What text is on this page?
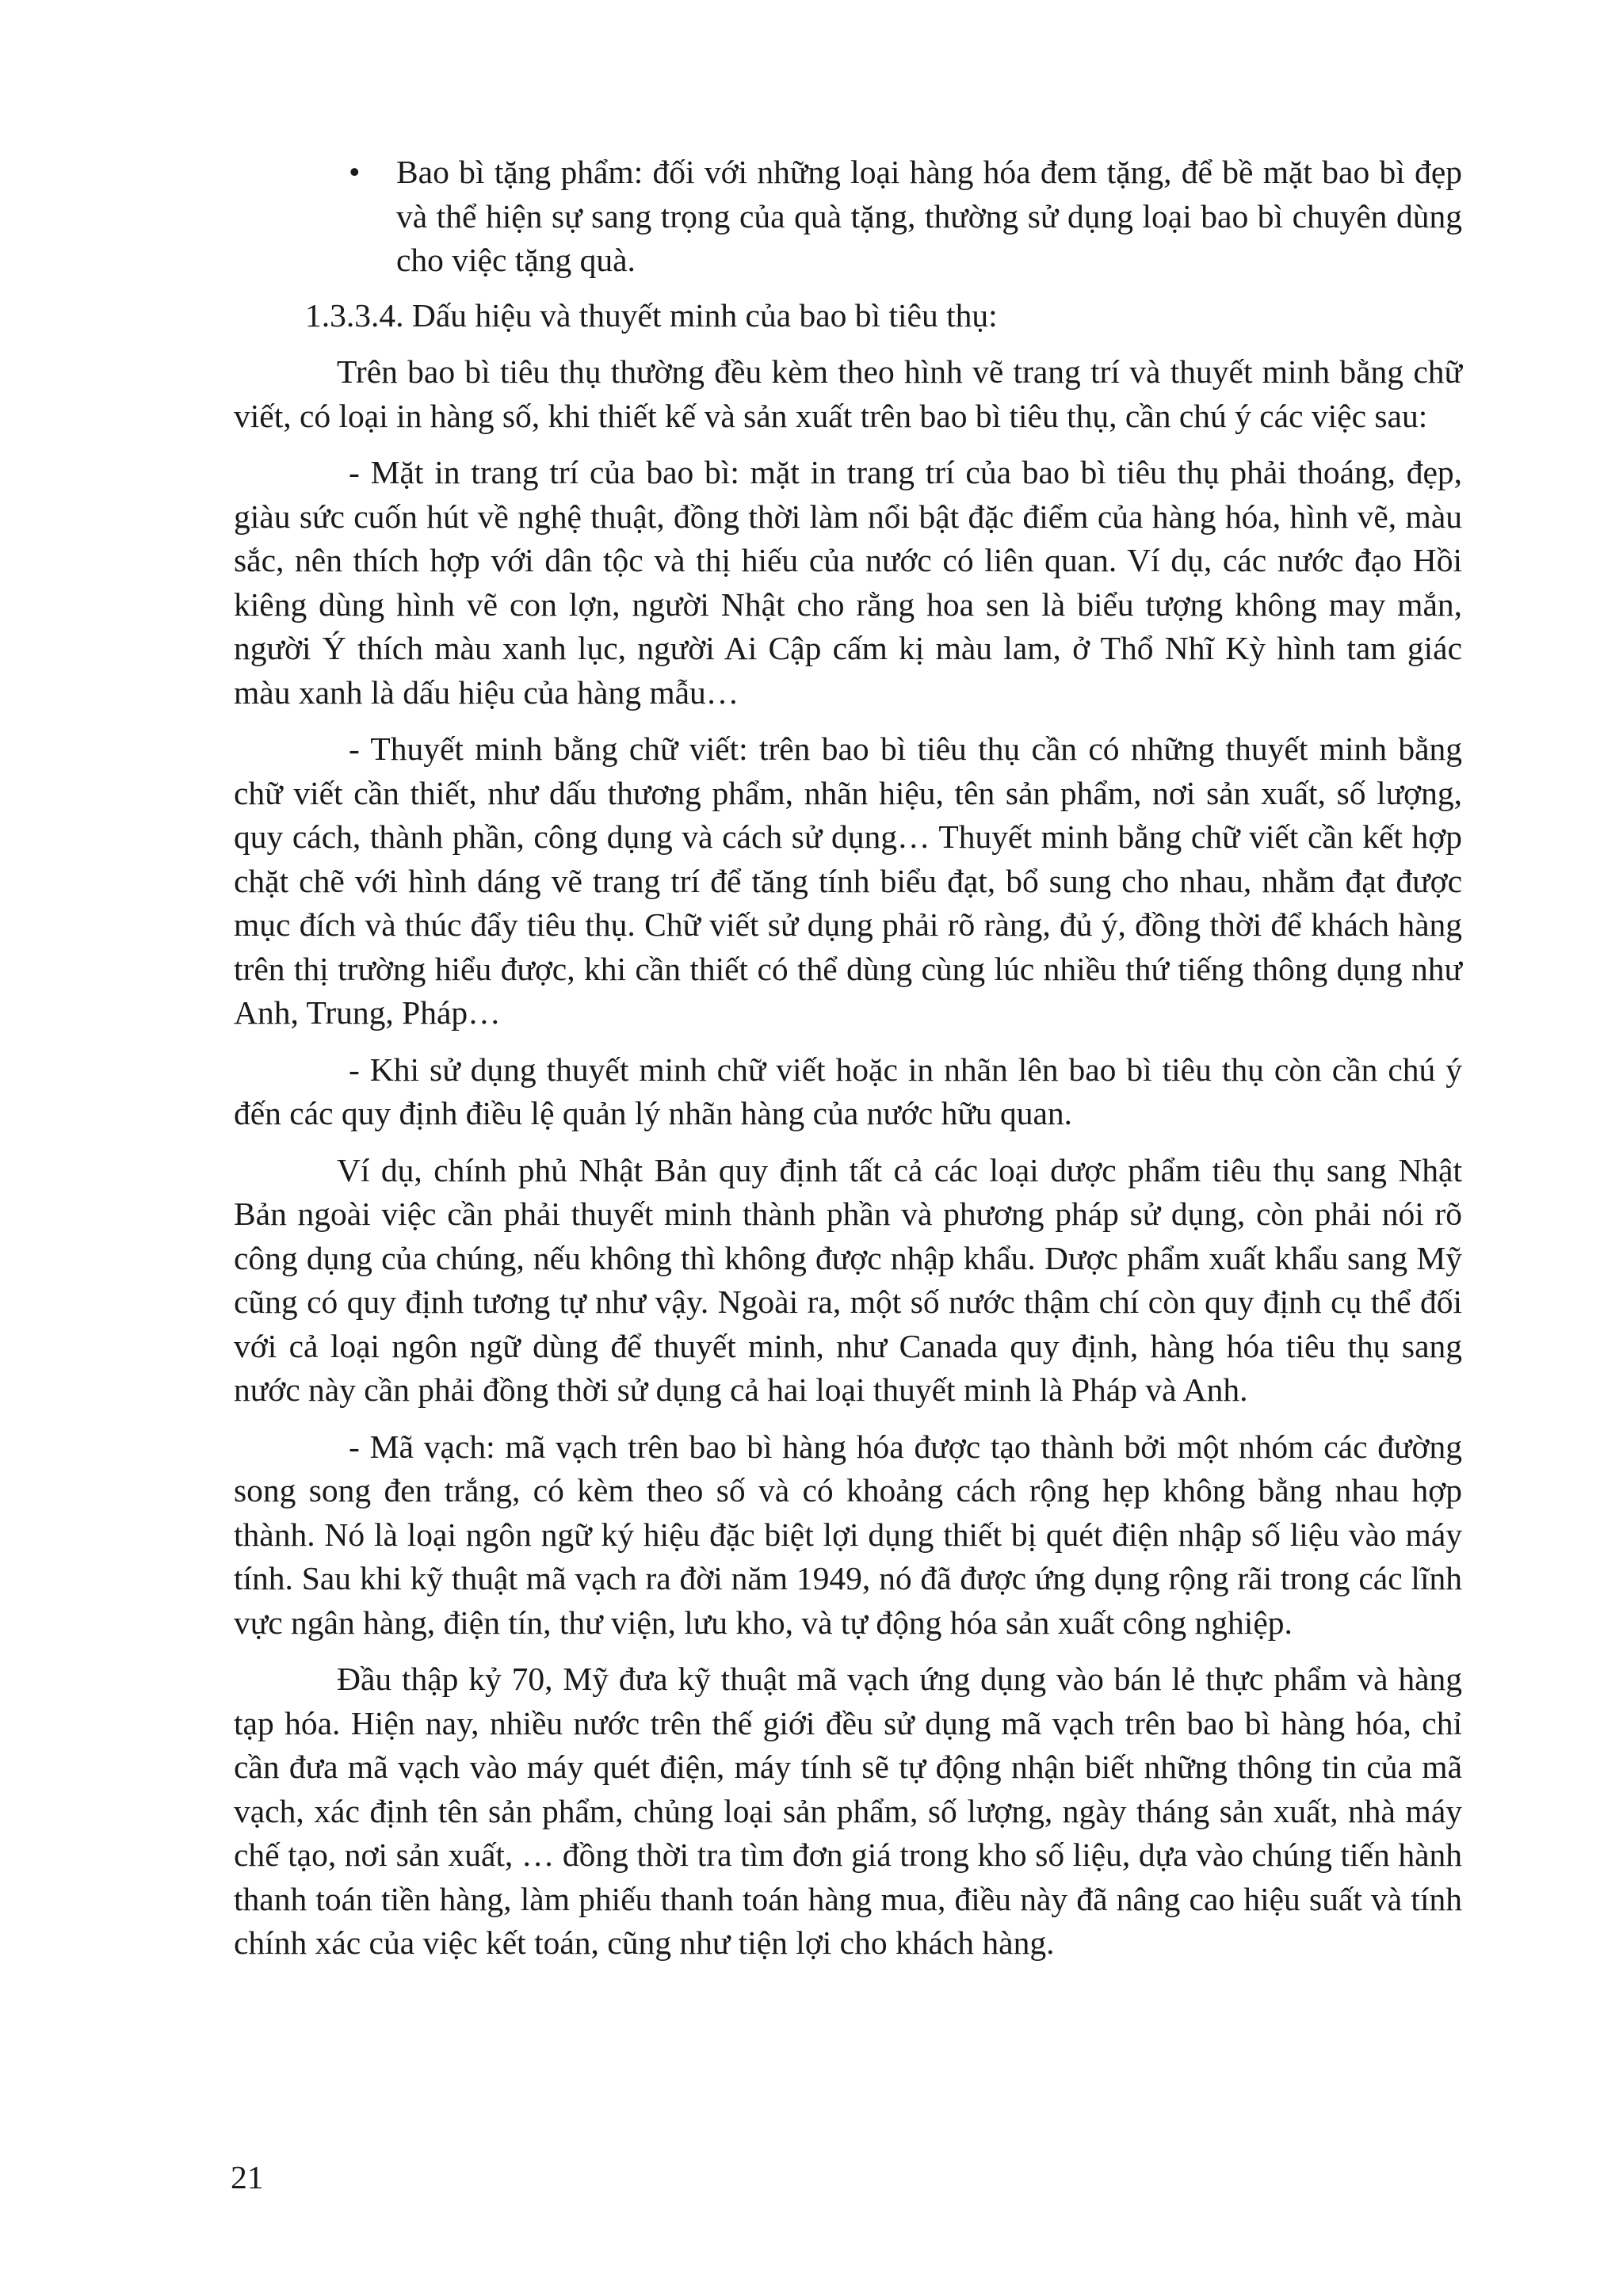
• Bao bì tặng phẩm: đối với những loại hàng hóa đem tặng, để bề mặt bao bì đẹp và thể hiện sự sang trọng của quà tặng, thường sử dụng loại bao bì chuyên dùng cho việc tặng quà.

1.3.3.4. Dấu hiệu và thuyết minh của bao bì tiêu thụ:

Trên bao bì tiêu thụ thường đều kèm theo hình vẽ trang trí và thuyết minh bằng chữ viết, có loại in hàng số, khi thiết kế và sản xuất trên bao bì tiêu thụ, cần chú ý các việc sau:

- Mặt in trang trí của bao bì: mặt in trang trí của bao bì tiêu thụ phải thoáng, đẹp, giàu sức cuốn hút về nghệ thuật, đồng thời làm nổi bật đặc điểm của hàng hóa, hình vẽ, màu sắc, nên thích hợp với dân tộc và thị hiếu của nước có liên quan. Ví dụ, các nước đạo Hồi kiêng dùng hình vẽ con lợn, người Nhật cho rằng hoa sen là biểu tượng không may mắn, người Ý thích màu xanh lục, người Ai Cập cấm kị màu lam, ở Thổ Nhĩ Kỳ hình tam giác màu xanh là dấu hiệu của hàng mẫu…

- Thuyết minh bằng chữ viết: trên bao bì tiêu thụ cần có những thuyết minh bằng chữ viết cần thiết, như dấu thương phẩm, nhãn hiệu, tên sản phẩm, nơi sản xuất, số lượng, quy cách, thành phần, công dụng và cách sử dụng… Thuyết minh bằng chữ viết cần kết hợp chặt chẽ với hình dáng vẽ trang trí để tăng tính biểu đạt, bổ sung cho nhau, nhằm đạt được mục đích và thúc đẩy tiêu thụ. Chữ viết sử dụng phải rõ ràng, đủ ý, đồng thời để khách hàng trên thị trường hiểu được, khi cần thiết có thể dùng cùng lúc nhiều thứ tiếng thông dụng như Anh, Trung, Pháp…

- Khi sử dụng thuyết minh chữ viết hoặc in nhãn lên bao bì tiêu thụ còn cần chú ý đến các quy định điều lệ quản lý nhãn hàng của nước hữu quan.

Ví dụ, chính phủ Nhật Bản quy định tất cả các loại dược phẩm tiêu thụ sang Nhật Bản ngoài việc cần phải thuyết minh thành phần và phương pháp sử dụng, còn phải nói rõ công dụng của chúng, nếu không thì không được nhập khẩu. Dược phẩm xuất khẩu sang Mỹ cũng có quy định tương tự như vậy. Ngoài ra, một số nước thậm chí còn quy định cụ thể đối với cả loại ngôn ngữ dùng để thuyết minh, như Canada quy định, hàng hóa tiêu thụ sang nước này cần phải đồng thời sử dụng cả hai loại thuyết minh là Pháp và Anh.

- Mã vạch: mã vạch trên bao bì hàng hóa được tạo thành bởi một nhóm các đường song song đen trắng, có kèm theo số và có khoảng cách rộng hẹp không bằng nhau hợp thành. Nó là loại ngôn ngữ ký hiệu đặc biệt lợi dụng thiết bị quét điện nhập số liệu vào máy tính. Sau khi kỹ thuật mã vạch ra đời năm 1949, nó đã được ứng dụng rộng rãi trong các lĩnh vực ngân hàng, điện tín, thư viện, lưu kho, và tự động hóa sản xuất công nghiệp.

Đầu thập kỷ 70, Mỹ đưa kỹ thuật mã vạch ứng dụng vào bán lẻ thực phẩm và hàng tạp hóa. Hiện nay, nhiều nước trên thế giới đều sử dụng mã vạch trên bao bì hàng hóa, chỉ cần đưa mã vạch vào máy quét điện, máy tính sẽ tự động nhận biết những thông tin của mã vạch, xác định tên sản phẩm, chủng loại sản phẩm, số lượng, ngày tháng sản xuất, nhà máy chế tạo, nơi sản xuất, … đồng thời tra tìm đơn giá trong kho số liệu, dựa vào chúng tiến hành thanh toán tiền hàng, làm phiếu thanh toán hàng mua, điều này đã nâng cao hiệu suất và tính chính xác của việc kết toán, cũng như tiện lợi cho khách hàng.

21
